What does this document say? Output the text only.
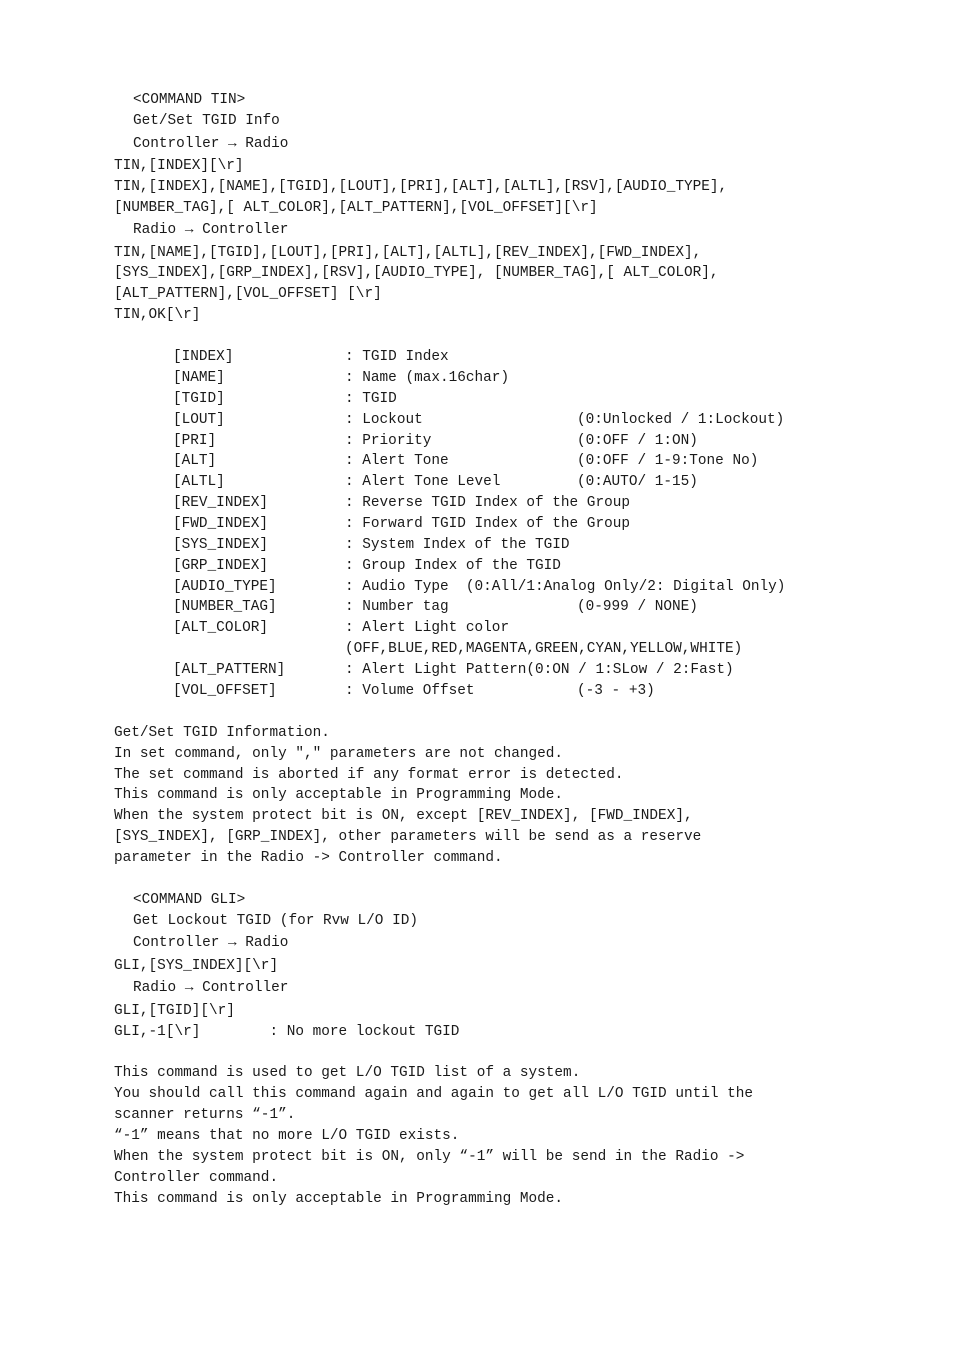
<COMMAND TIN>
Get/Set TGID Info
Controller → Radio
TIN,[INDEX][\r]
TIN,[INDEX],[NAME],[TGID],[LOUT],[PRI],[ALT],[ALTL],[RSV],[AUDIO_TYPE],
[NUMBER_TAG],[ ALT_COLOR],[ALT_PATTERN],[VOL_OFFSET][\r]
Radio → Controller
TIN,[NAME],[TGID],[LOUT],[PRI],[ALT],[ALTL],[REV_INDEX],[FWD_INDEX],
[SYS_INDEX],[GRP_INDEX],[RSV],[AUDIO_TYPE], [NUMBER_TAG],[ ALT_COLOR],
[ALT_PATTERN],[VOL_OFFSET] [\r]
TIN,OK[\r]
[INDEX]	: TGID Index
[NAME]	: Name (max.16char)
[TGID]	: TGID
[LOUT]	: Lockout	(0:Unlocked / 1:Lockout)
[PRI]	: Priority	(0:OFF / 1:ON)
[ALT]	: Alert Tone	(0:OFF / 1-9:Tone No)
[ALTL]	: Alert Tone Level	(0:AUTO/ 1-15)
[REV_INDEX]	: Reverse TGID Index of the Group
[FWD_INDEX]	: Forward TGID Index of the Group
[SYS_INDEX]	: System Index of the TGID
[GRP_INDEX]	: Group Index of the TGID
[AUDIO_TYPE]	: Audio Type  (0:All/1:Analog Only/2: Digital Only)
[NUMBER_TAG]	: Number tag	(0-999 / NONE)
[ALT_COLOR]	: Alert Light color
(OFF,BLUE,RED,MAGENTA,GREEN,CYAN,YELLOW,WHITE)
[ALT_PATTERN]	: Alert Light Pattern(0:ON / 1:SLow / 2:Fast)
[VOL_OFFSET]	: Volume Offset	(-3 - +3)
Get/Set TGID Information.
In set command, only "," parameters are not changed.
The set command is aborted if any format error is detected.
This command is only acceptable in Programming Mode.
When the system protect bit is ON, except [REV_INDEX], [FWD_INDEX],
[SYS_INDEX], [GRP_INDEX], other parameters will be send as a reserve
parameter in the Radio -> Controller command.
<COMMAND GLI>
Get Lockout TGID (for Rvw L/O ID)
Controller → Radio
GLI,[SYS_INDEX][\r]
Radio → Controller
GLI,[TGID][\r]
GLI,-1[\r]        : No more lockout TGID
This command is used to get L/O TGID list of a system.
You should call this command again and again to get all L/O TGID until the
scanner returns “-1”.
“-1” means that no more L/O TGID exists.
When the system protect bit is ON, only “-1” will be send in the Radio ->
Controller command.
This command is only acceptable in Programming Mode.
